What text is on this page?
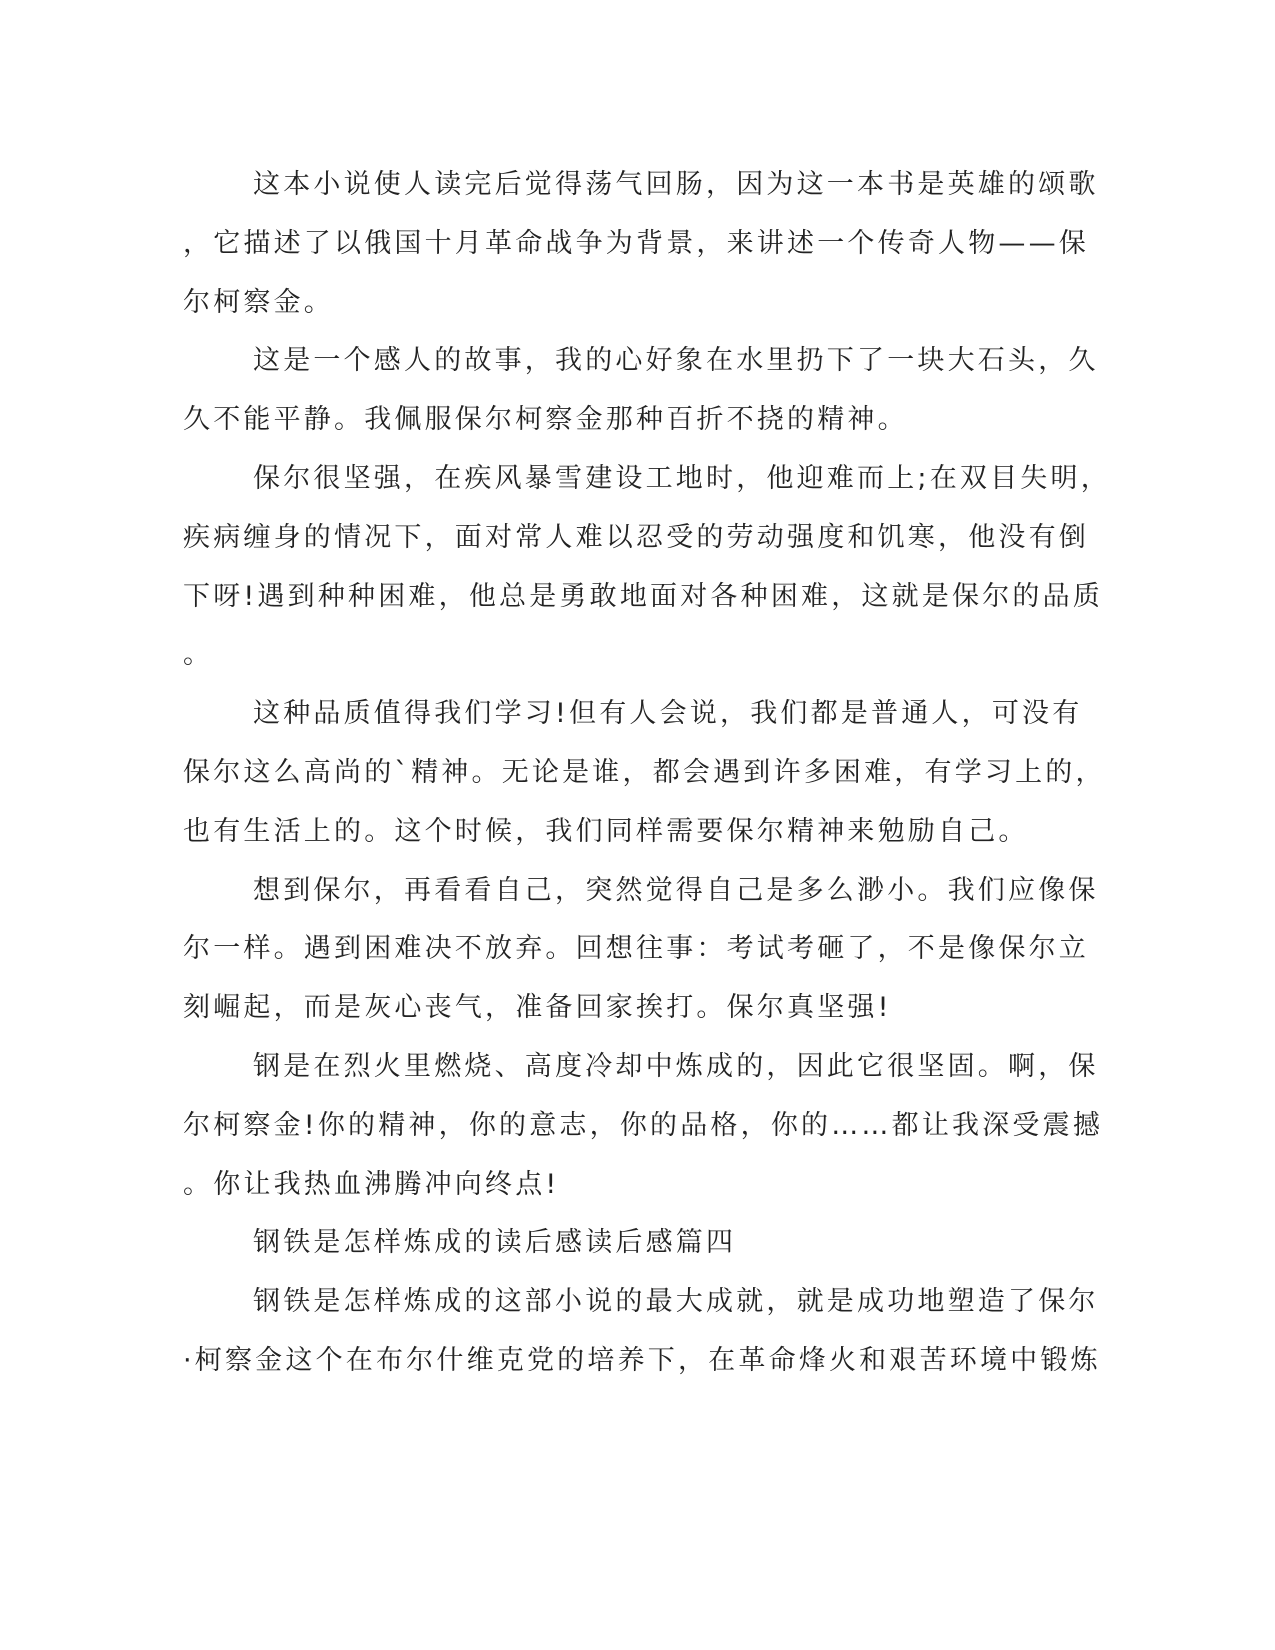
这本小说使人读完后觉得荡气回肠，因为这一本书是英雄的颂歌
，它描述了以俄国十月革命战争为背景，来讲述一个传奇人物——保
尔柯察金。
这是一个感人的故事，我的心好象在水里扔下了一块大石头，久
久不能平静。我佩服保尔柯察金那种百折不挠的精神。
保尔很坚强，在疾风暴雪建设工地时，他迎难而上;在双目失明，
疾病缠身的情况下，面对常人难以忍受的劳动强度和饥寒，他没有倒
下呀!遇到种种困难，他总是勇敢地面对各种困难，这就是保尔的品质
。
这种品质值得我们学习!但有人会说，我们都是普通人，可没有
保尔这么高尚的`精神。无论是谁，都会遇到许多困难，有学习上的，
也有生活上的。这个时候，我们同样需要保尔精神来勉励自己。
想到保尔，再看看自己，突然觉得自己是多么渺小。我们应像保
尔一样。遇到困难决不放弃。回想往事：考试考砸了，不是像保尔立
刻崛起，而是灰心丧气，准备回家挨打。保尔真坚强!
钢是在烈火里燃烧、高度冷却中炼成的，因此它很坚固。啊，保
尔柯察金!你的精神，你的意志，你的品格，你的……都让我深受震撼
。你让我热血沸腾冲向终点!
钢铁是怎样炼成的读后感读后感篇四
钢铁是怎样炼成的这部小说的最大成就，就是成功地塑造了保尔
·柯察金这个在布尔什维克党的培养下，在革命烽火和艰苦环境中锻炼
